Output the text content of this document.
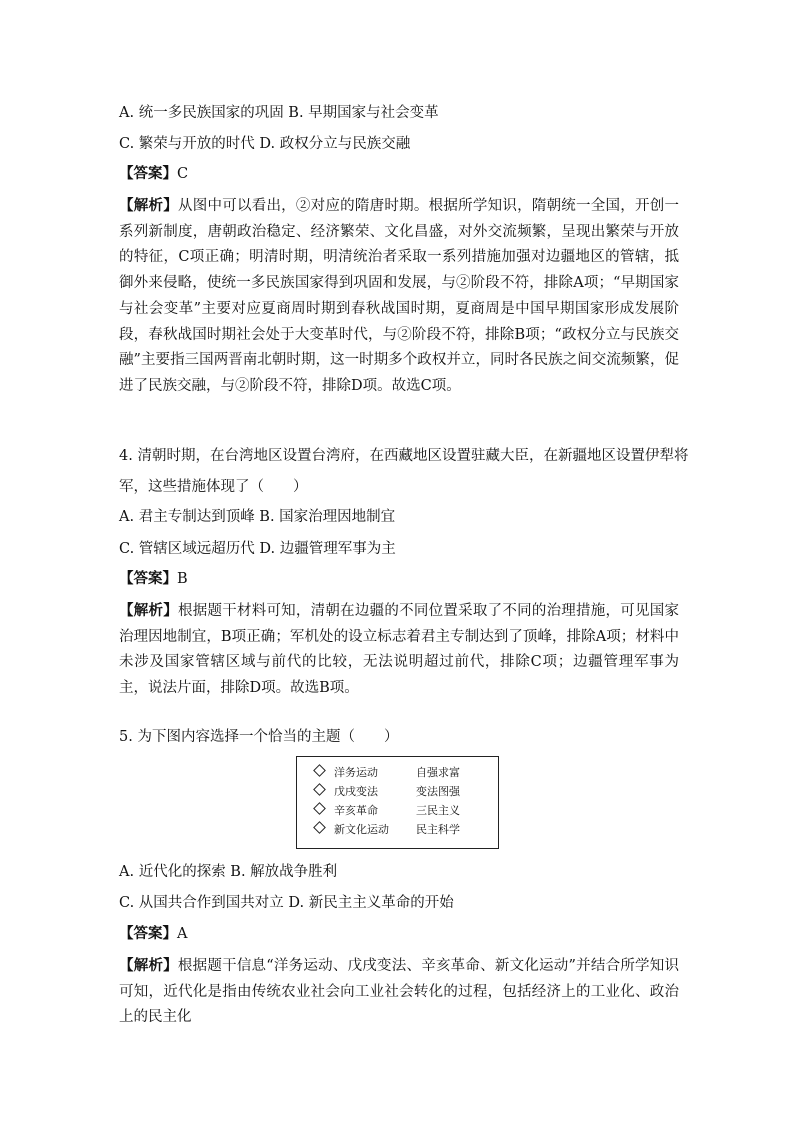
A. 统一多民族国家的巩固 B. 早期国家与社会变革
C. 繁荣与开放的时代 D. 政权分立与民族交融
【答案】C
【解析】从图中可以看出，②对应的隋唐时期。根据所学知识，隋朝统一全国，开创一系列新制度，唐朝政治稳定、经济繁荣、文化昌盛，对外交流频繁，呈现出繁荣与开放的特征，C项正确；明清时期，明清统治者采取一系列措施加强对边疆地区的管辖，抵御外来侵略，使统一多民族国家得到巩固和发展，与②阶段不符，排除A项；“早期国家与社会变革”主要对应夏商周时期到春秋战国时期，夏商周是中国早期国家形成发展阶段，春秋战国时期社会处于大变革时代，与②阶段不符，排除B项；“政权分立与民族交融”主要指三国两晋南北朝时期，这一时期多个政权并立，同时各民族之间交流频繁，促进了民族交融，与②阶段不符，排除D项。故选C项。
4. 清朝时期，在台湾地区设置台湾府，在西藏地区设置驻藏大臣，在新疆地区设置伊犁将
军，这些措施体现了（　　）
A. 君主专制达到顶峰 B. 国家治理因地制宜
C. 管辖区域远超历代 D. 边疆管理军事为主
【答案】B
【解析】根据题干材料可知，清朝在边疆的不同位置采取了不同的治理措施，可见国家治理因地制宜，B项正确；军机处的设立标志着君主专制达到了顶峰，排除A项；材料中未涉及国家管辖区域与前代的比较，无法说明超过前代，排除C项；边疆管理军事为主，说法片面，排除D项。故选B项。
5. 为下图内容选择一个恰当的主题（　　）
洋务运动	自强求富
戊戌变法	变法图强
辛亥革命	三民主义
新文化运动 民主科学
A. 近代化的探索 B. 解放战争胜利
C. 从国共合作到国共对立 D. 新民主主义革命的开始
【答案】A
【解析】根据题干信息“洋务运动、戊戌变法、辛亥革命、新文化运动”并结合所学知识可知，近代化是指由传统农业社会向工业社会转化的过程，包括经济上的工业化、政治上的民主化
